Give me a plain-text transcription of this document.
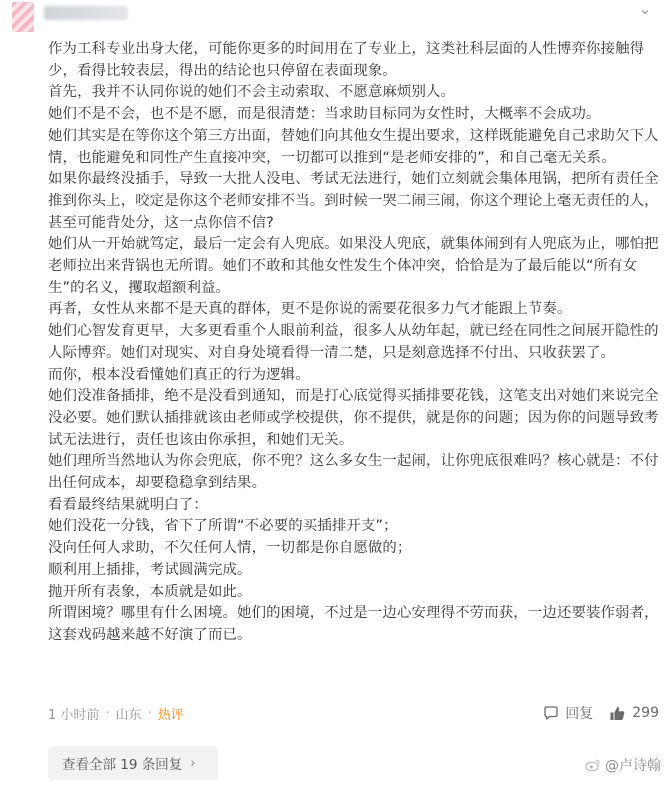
⌄

作为工科专业出身大佬，可能你更多的时间用在了专业上，这类社科层面的人性博弈你接触得少，看得比较表层，得出的结论也只停留在表面现象。

首先，我并不认同你说的她们不会主动索取、不愿意麻烦别人。

她们不是不会，也不是不愿，而是很清楚：当求助目标同为女性时，大概率不会成功。

她们其实是在等你这个第三方出面，替她们向其他女生提出要求，这样既能避免自己求助欠下人情，也能避免和同性产生直接冲突，一切都可以推到“是老师安排的”，和自己毫无关系。

如果你最终没插手，导致一大批人没电、考试无法进行，她们立刻就会集体甩锅，把所有责任全推到你头上，咬定是你这个老师安排不当。到时候一哭二闹三闹，你这个理论上毫无责任的人，甚至可能背处分，这一点你信不信?

她们从一开始就笃定，最后一定会有人兜底。如果没人兜底，就集体闹到有人兜底为止，哪怕把老师拉出来背锅也无所谓。她们不敢和其他女性发生个体冲突，恰恰是为了最后能以“所有女生”的名义，攫取超额利益。

再者，女性从来都不是天真的群体，更不是你说的需要花很多力气才能跟上节奏。

她们心智发育更早，大多更看重个人眼前利益，很多人从幼年起，就已经在同性之间展开隐性的人际博弈。她们对现实、对自身处境看得一清二楚，只是刻意选择不付出、只收获罢了。

而你，根本没看懂她们真正的行为逻辑。

她们没准备插排，绝不是没看到通知，而是打心底觉得买插排要花钱，这笔支出对她们来说完全没必要。她们默认插排就该由老师或学校提供，你不提供，就是你的问题；因为你的问题导致考试无法进行，责任也该由你承担，和她们无关。

她们理所当然地认为你会兜底，你不兜？这么多女生一起闹，让你兜底很难吗？核心就是：不付出任何成本，却要稳稳拿到结果。

看看最终结果就明白了：

她们没花一分钱，省下了所谓“不必要的买插排开支”；

没向任何人求助，不欠任何人情，一切都是你自愿做的；

顺利用上插排，考试圆满完成。

抛开所有表象，本质就是如此。

所谓困境？哪里有什么困境。她们的困境，不过是一边心安理得不劳而获，一边还要装作弱者，这套戏码越来越不好演了而已。

1 小时前 · 山东 · 热评	回复	299
查看全部 19 条回复 ›	@卢诗翰
